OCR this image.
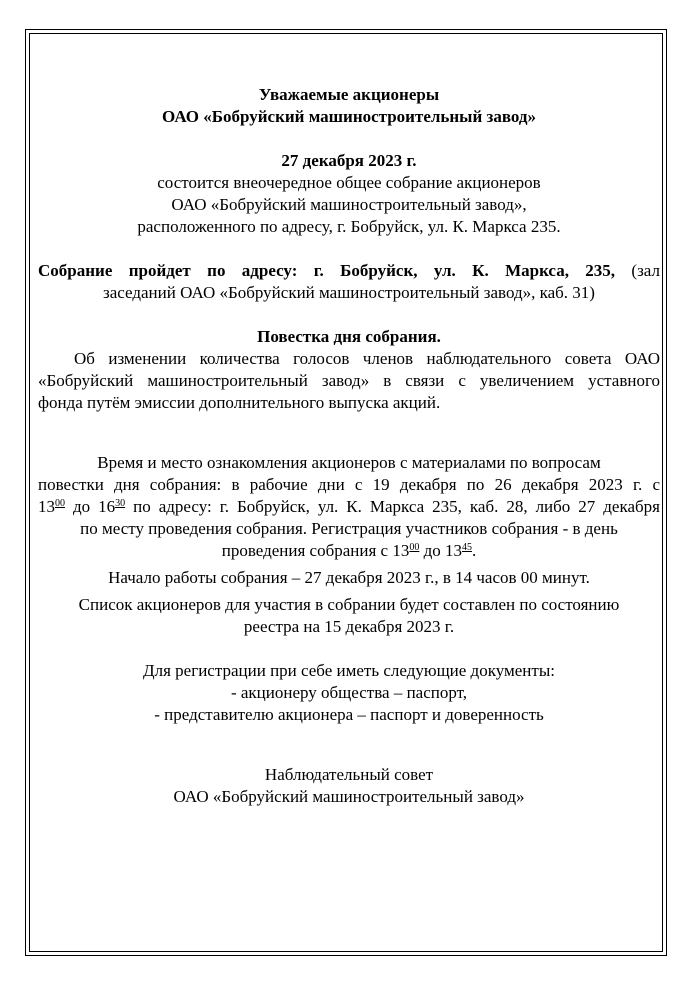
Уважаемые акционеры
ОАО «Бобруйский машиностроительный завод»
27 декабря 2023 г.
состоится внеочередное общее собрание акционеров
ОАО «Бобруйский машиностроительный завод»,
расположенного по адресу, г. Бобруйск, ул. К. Маркса 235.
Собрание пройдет по адресу: г. Бобруйск, ул. К. Маркса, 235, (зал
заседаний ОАО «Бобруйский машиностроительный завод», каб. 31)
Повестка дня собрания.
Об изменении количества голосов членов наблюдательного совета ОАО
«Бобруйский машиностроительный завод» в связи с увеличением уставного
фонда путём эмиссии дополнительного выпуска акций.
Время и место ознакомления акционеров с материалами по вопросам
повестки дня собрания: в рабочие дни с 19 декабря по 26 декабря 2023 г. с
$13^{00}$ до $16^{30}$ по адресу: г. Бобруйск, ул. К. Маркса 235, каб. 28, либо 27 декабря
по месту проведения собрания. Регистрация участников собрания - в день
проведения собрания с $13^{00}$ до $13^{45}$.
Начало работы собрания – 27 декабря 2023 г., в 14 часов 00 минут.
Список акционеров для участия в собрании будет составлен по состоянию
реестра на 15 декабря 2023 г.
Для регистрации при себе иметь следующие документы:
- акционеру общества – паспорт,
- представителю акционера – паспорт и доверенность
Наблюдательный совет
ОАО «Бобруйский машиностроительный завод»
